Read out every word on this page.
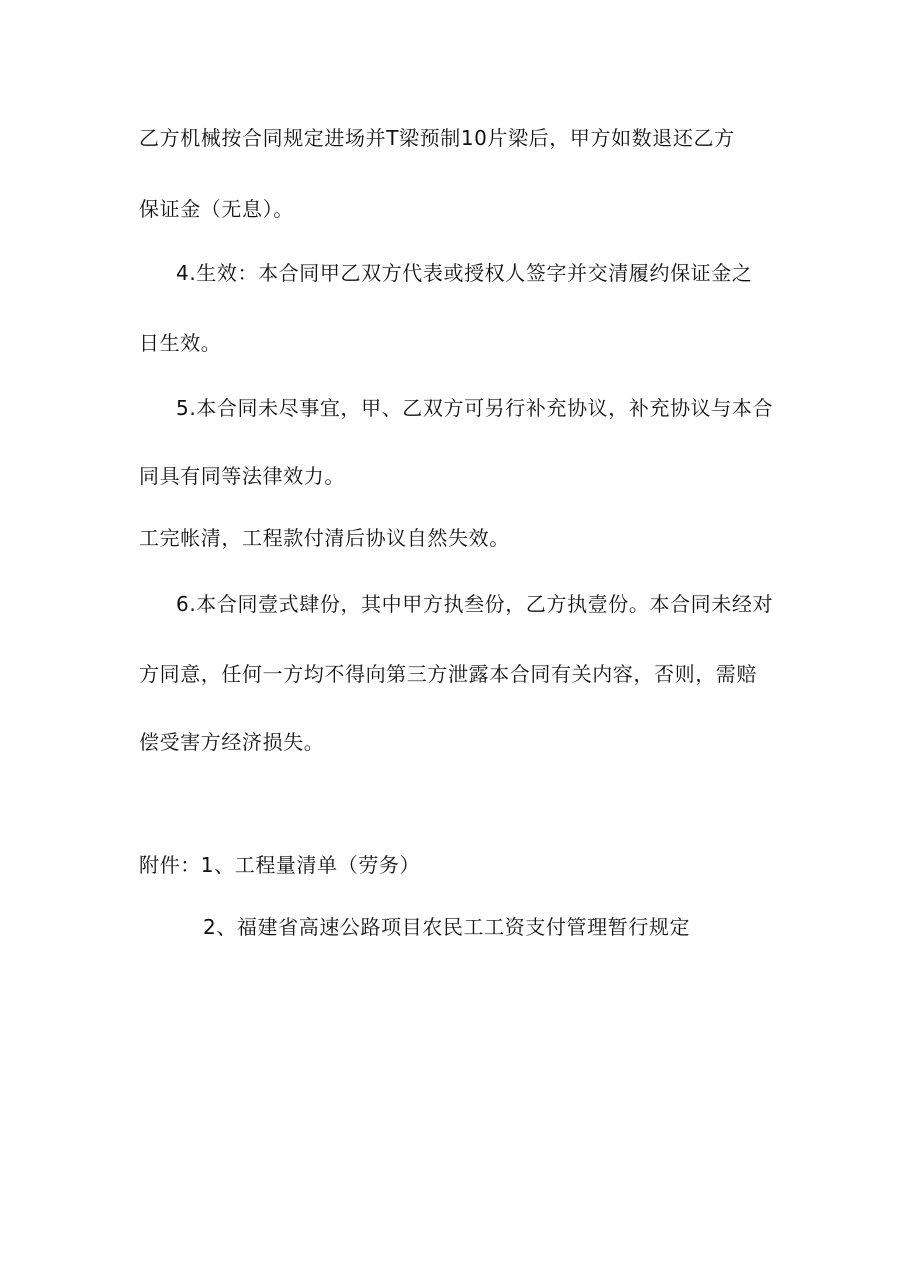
乙方机械按合同规定进场并T梁预制10片梁后，甲方如数退还乙方
保证金（无息）。
4.生效：本合同甲乙双方代表或授权人签字并交清履约保证金之
日生效。
5.本合同未尽事宜，甲、乙双方可另行补充协议，补充协议与本合
同具有同等法律效力。
工完帐清，工程款付清后协议自然失效。
6.本合同壹式肆份，其中甲方执叁份，乙方执壹份。本合同未经对
方同意，任何一方均不得向第三方泄露本合同有关内容，否则，需赔
偿受害方经济损失。
附件：1、工程量清单（劳务）
2、福建省高速公路项目农民工工资支付管理暂行规定
